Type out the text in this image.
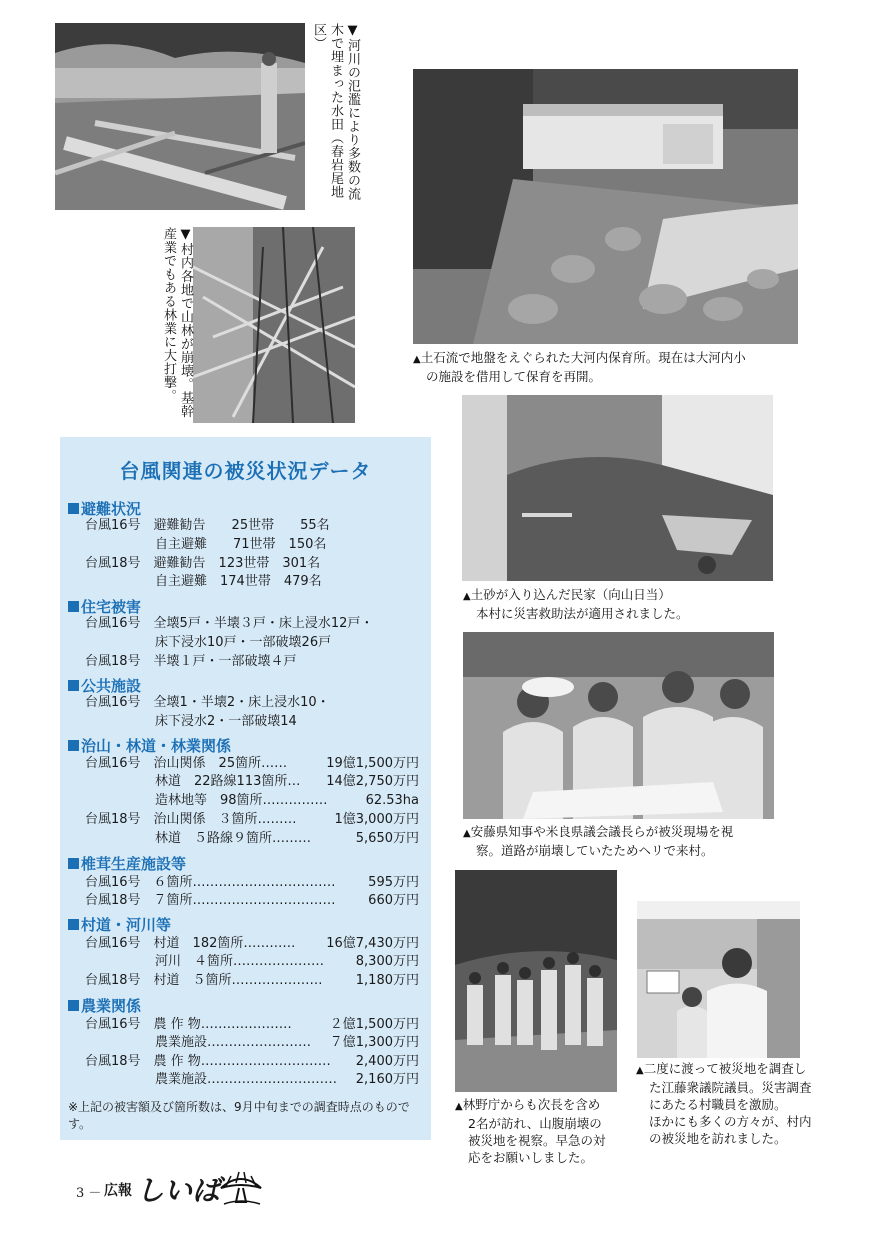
▼河川の氾濫により多数の流木で埋まった水田（春岩尾地区）
▼村内各地で山林が崩壊。基幹産業でもある林業に大打撃。	▲土石流で地盤をえぐられた大河内保育所。現在は大河内小
の施設を借用して保育を再開。
▲土砂が入り込んだ民家（向山日当）
本村に災害救助法が適用されました。
▲安藤県知事や米良県議会議長らが被災現場を視
察。道路が崩壊していたためヘリで来村。
▲林野庁からも次長を含め
2名が訪れ、山腹崩壊の
被災地を視察。早急の対
応をお願いしました。
▲二度に渡って被災地を調査し
た江藤衆議院議員。災害調査
にあたる村職員を激励。
ほかにも多くの方々が、村内
の被災地を訪れました。
台風関連の被災状況データ
避難状況
台風16号　避難勧告　　25世帯　　55名
自主避難　　71世帯　150名
台風18号　避難勧告　123世帯　301名
自主避難　174世帯　479名
住宅被害
台風16号　全壊5戸・半壊３戸・床上浸水12戸・
床下浸水10戸・一部破壊26戸
台風18号　半壊１戸・一部破壊４戸
公共施設
台風16号　全壊1・半壊2・床上浸水10・
床下浸水2・一部破壊14
治山・林道・林業関係
台風16号　治山関係　25箇所……	19億1,500万円
林道　22路線113箇所… 14億2,750万円
造林地等　98箇所……………	62.53ha
台風18号　治山関係　３箇所………	1億3,000万円
林道　５路線９箇所………	5,650万円
椎茸生産施設等
台風16号　６箇所……………………………	595万円
台風18号　７箇所……………………………	660万円
村道・河川等
台風16号　村道　182箇所………… 16億7,430万円
河川　４箇所………………… 8,300万円
台風18号　村道　５箇所…………………	1,180万円
農業関係
台風16号　農 作 物…………………	２億1,500万円
農業施設…………………… ７億1,300万円
台風18号　農 作 物………………………… 2,400万円
農業施設………………………… 2,160万円
※上記の被害額及び箇所数は、9月中旬までの調査時点のものです。
3 － 広報 しいば
